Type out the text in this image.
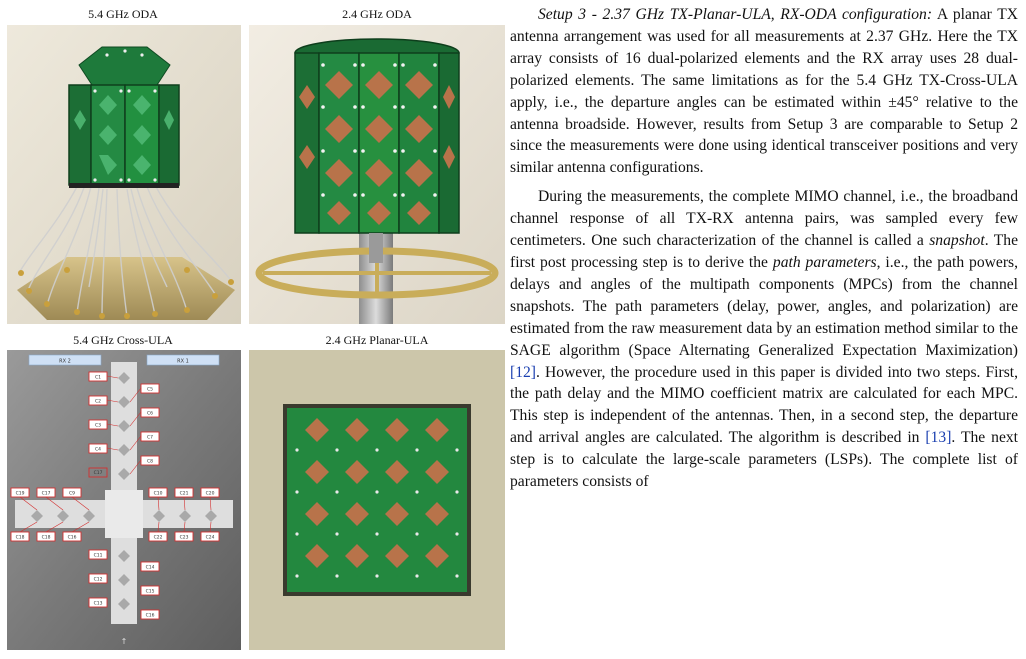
5.4 GHz ODA	2.4 GHz ODA
5.4 GHz Cross-ULA	2.4 GHz Planar-ULA
RX 2	RX 1
C1
C2
C3
C4
C5
C6
C7
C8
C11
C12
C13
C14
C15
C16
C19	C17	C9	C10	C21	C20
C18	C18	C16	C22	C23	C24
C17
↑

Setup 3 - 2.37 GHz TX-Planar-ULA, RX-ODA configuration: A planar TX antenna arrangement was used for all measurements at 2.37 GHz. Here the TX array consists of 16 dual-polarized elements and the RX array uses 28 dual-polarized elements. The same limitations as for the 5.4 GHz TX-Cross-ULA apply, i.e., the departure angles can be estimated within ±45° relative to the antenna broadside. However, results from Setup 3 are comparable to Setup 2 since the measurements were done using identical transceiver positions and very similar antenna configurations.

During the measurements, the complete MIMO channel, i.e., the broadband channel response of all TX-RX antenna pairs, was sampled every few centimeters. One such characterization of the channel is called a snapshot. The first post processing step is to derive the path parameters, i.e., the path powers, delays and angles of the multipath components (MPCs) from the channel snapshots. The path parameters (delay, power, angles, and polarization) are estimated from the raw measurement data by an estimation method similar to the SAGE algorithm (Space Alternating Generalized Expectation Maximization) [12]. However, the procedure used in this paper is divided into two steps. First, the path delay and the MIMO coefficient matrix are calculated for each MPC. This step is independent of the antennas. Then, in a second step, the departure and arrival angles are calculated. The algorithm is described in [13]. The next step is to calculate the large-scale parameters (LSPs). The complete list of parameters consists of
